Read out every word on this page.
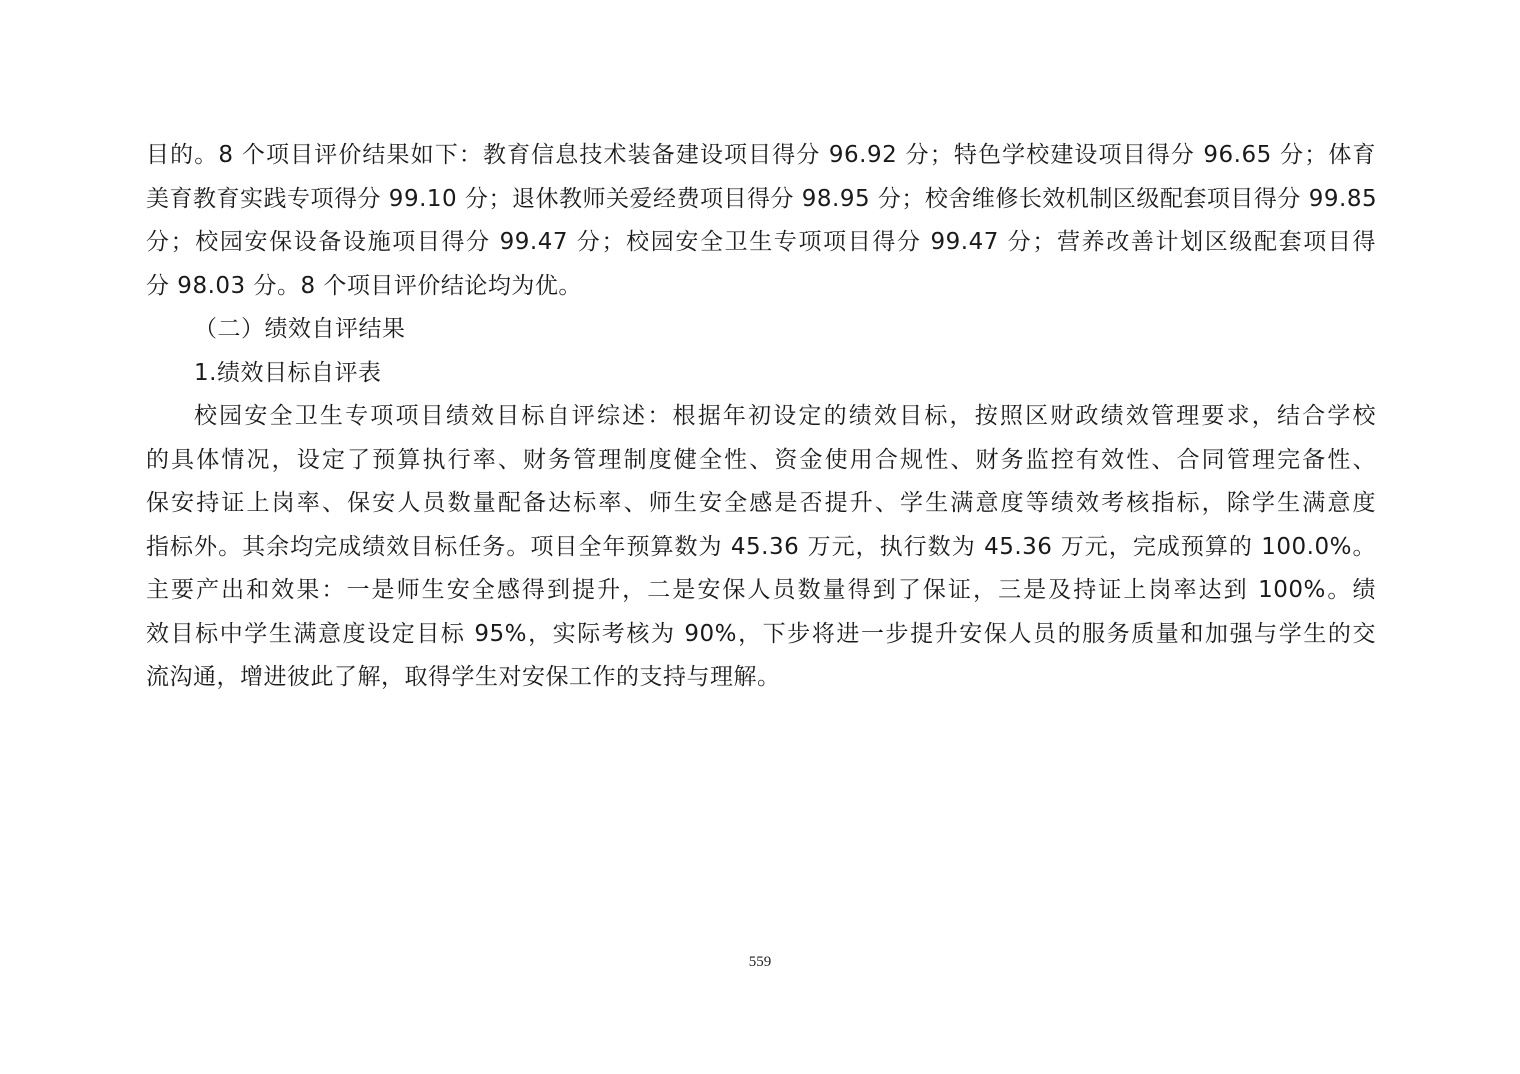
目的。8 个项目评价结果如下：教育信息技术装备建设项目得分 96.92 分；特色学校建设项目得分 96.65 分；体育
美育教育实践专项得分 99.10 分；退休教师关爱经费项目得分 98.95 分；校舍维修长效机制区级配套项目得分 99.85
分；校园安保设备设施项目得分 99.47 分；校园安全卫生专项项目得分 99.47 分；营养改善计划区级配套项目得
分 98.03 分。8 个项目评价结论均为优。
（二）绩效自评结果
1.绩效目标自评表
校园安全卫生专项项目绩效目标自评综述：根据年初设定的绩效目标，按照区财政绩效管理要求，结合学校
的具体情况，设定了预算执行率、财务管理制度健全性、资金使用合规性、财务监控有效性、合同管理完备性、
保安持证上岗率、保安人员数量配备达标率、师生安全感是否提升、学生满意度等绩效考核指标，除学生满意度
指标外。其余均完成绩效目标任务。项目全年预算数为 45.36 万元，执行数为 45.36 万元，完成预算的 100.0%。
主要产出和效果：一是师生安全感得到提升，二是安保人员数量得到了保证，三是及持证上岗率达到 100%。绩
效目标中学生满意度设定目标 95%，实际考核为 90%，下步将进一步提升安保人员的服务质量和加强与学生的交
流沟通，增进彼此了解，取得学生对安保工作的支持与理解。
559
